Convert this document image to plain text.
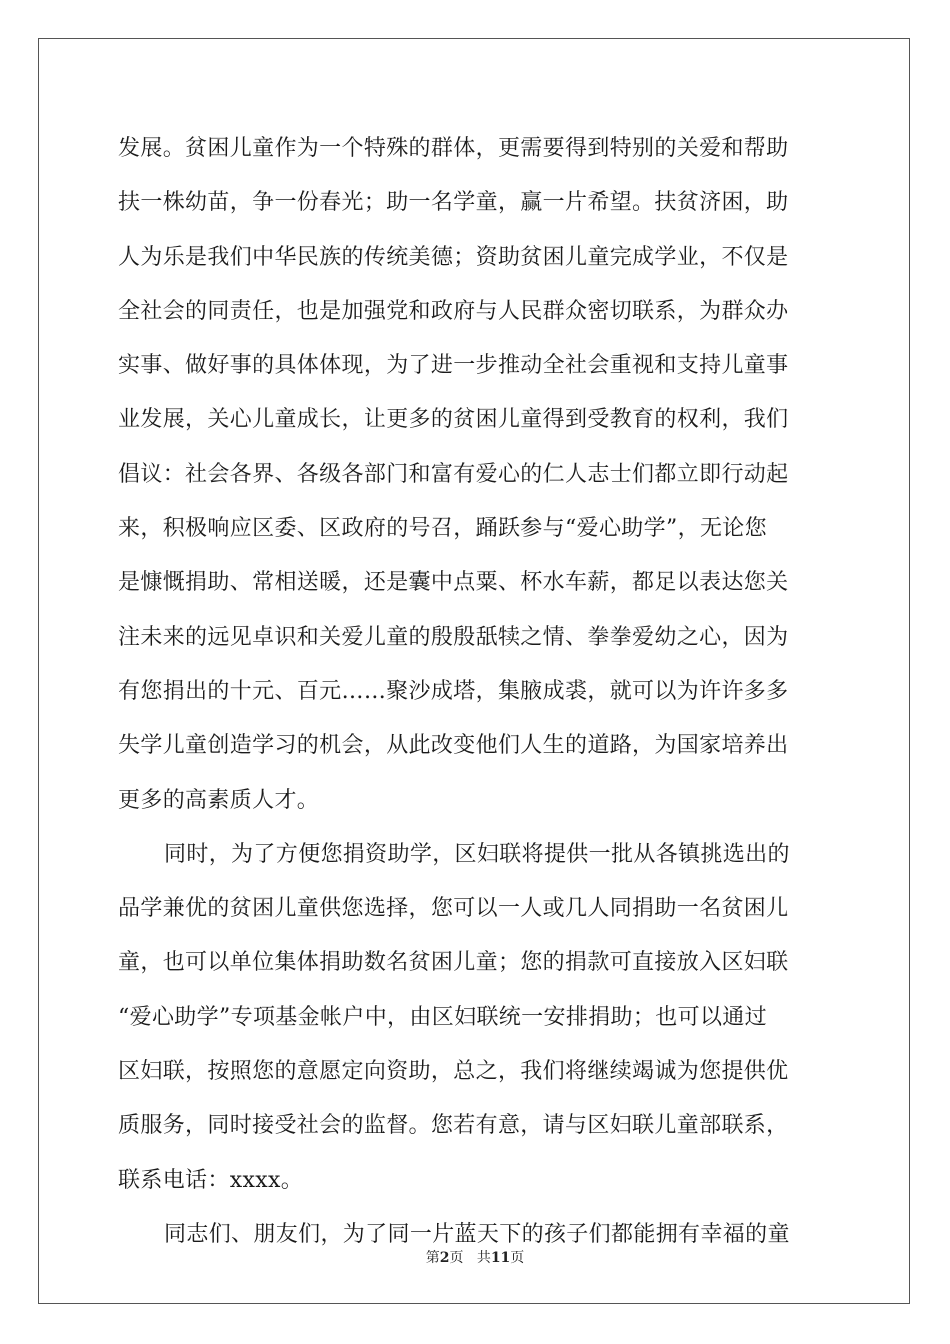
发展。贫困儿童作为一个特殊的群体，更需要得到特别的关爱和帮助
扶一株幼苗，争一份春光；助一名学童，赢一片希望。扶贫济困，助
人为乐是我们中华民族的传统美德；资助贫困儿童完成学业，不仅是
全社会的同责任，也是加强党和政府与人民群众密切联系，为群众办
实事、做好事的具体体现，为了进一步推动全社会重视和支持儿童事
业发展，关心儿童成长，让更多的贫困儿童得到受教育的权利，我们
倡议：社会各界、各级各部门和富有爱心的仁人志士们都立即行动起
来，积极响应区委、区政府的号召，踊跃参与“爱心助学”，无论您
是慷慨捐助、常相送暖，还是囊中点粟、杯水车薪，都足以表达您关
注未来的远见卓识和关爱儿童的殷殷舐犊之情、拳拳爱幼之心，因为
有您捐出的十元、百元……聚沙成塔，集腋成裘，就可以为许许多多
失学儿童创造学习的机会，从此改变他们人生的道路，为国家培养出
更多的高素质人才。
同时，为了方便您捐资助学，区妇联将提供一批从各镇挑选出的
品学兼优的贫困儿童供您选择，您可以一人或几人同捐助一名贫困儿
童，也可以单位集体捐助数名贫困儿童；您的捐款可直接放入区妇联
“爱心助学”专项基金帐户中，由区妇联统一安排捐助；也可以通过
区妇联，按照您的意愿定向资助，总之，我们将继续竭诚为您提供优
质服务，同时接受社会的监督。您若有意，请与区妇联儿童部联系，
联系电话：xxxx。
同志们、朋友们，为了同一片蓝天下的孩子们都能拥有幸福的童
第2页 共11页
